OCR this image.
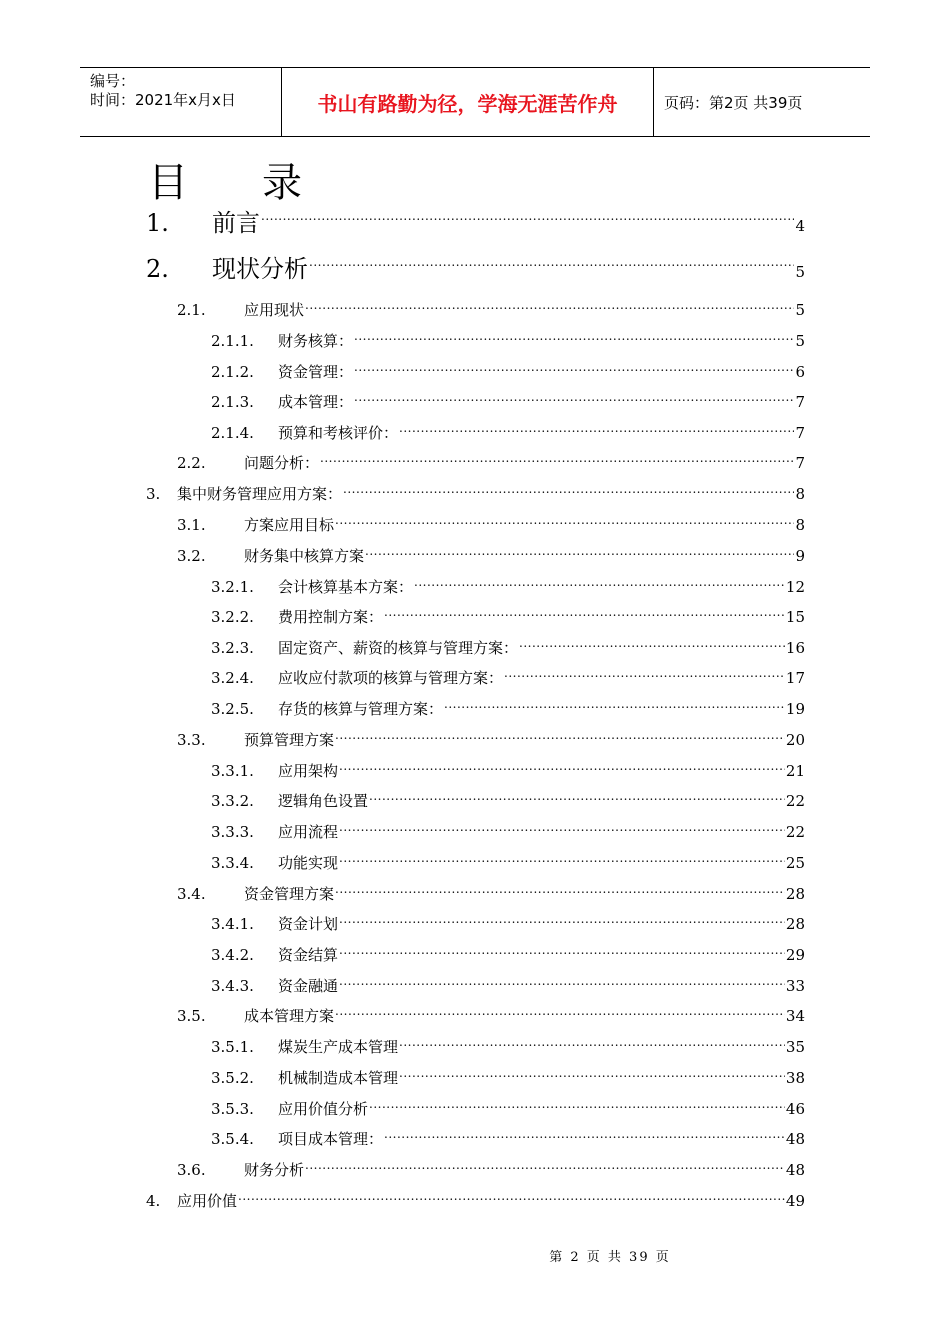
编号：
时间：2021年x月x日	书山有路勤为径，学海无涯苦作舟	页码：第2页 共39页
目 录
1.	前言 .....	4
2.	现状分析 .....	5
2.1.	应用现状 .....	5
2.1.1.	财务核算： .....	5
2.1.2.	资金管理： .....	6
2.1.3.	成本管理： .....	7
2.1.4.	预算和考核评价： .....	7
2.2.	问题分析： .....	7
3.	集中财务管理应用方案： .....	8
3.1.	方案应用目标 .....	8
3.2.	财务集中核算方案 .....	9
3.2.1.	会计核算基本方案： .....	12
3.2.2.	费用控制方案： .....	15
3.2.3.	固定资产、薪资的核算与管理方案： .....	16
3.2.4.	应收应付款项的核算与管理方案： .....	17
3.2.5.	存货的核算与管理方案： .....	19
3.3.	预算管理方案 .....	20
3.3.1.	应用架构 .....	21
3.3.2.	逻辑角色设置 .....	22
3.3.3.	应用流程 .....	22
3.3.4.	功能实现 .....	25
3.4.	资金管理方案 .....	28
3.4.1.	资金计划 .....	28
3.4.2.	资金结算 .....	29
3.4.3.	资金融通 .....	33
3.5.	成本管理方案 .....	34
3.5.1.	煤炭生产成本管理 .....	35
3.5.2.	机械制造成本管理 .....	38
3.5.3.	应用价值分析 .....	46
3.5.4.	项目成本管理： .....	48
3.6.	财务分析 .....	48
4.	应用价值 .....	49
第 2 页 共 39 页
